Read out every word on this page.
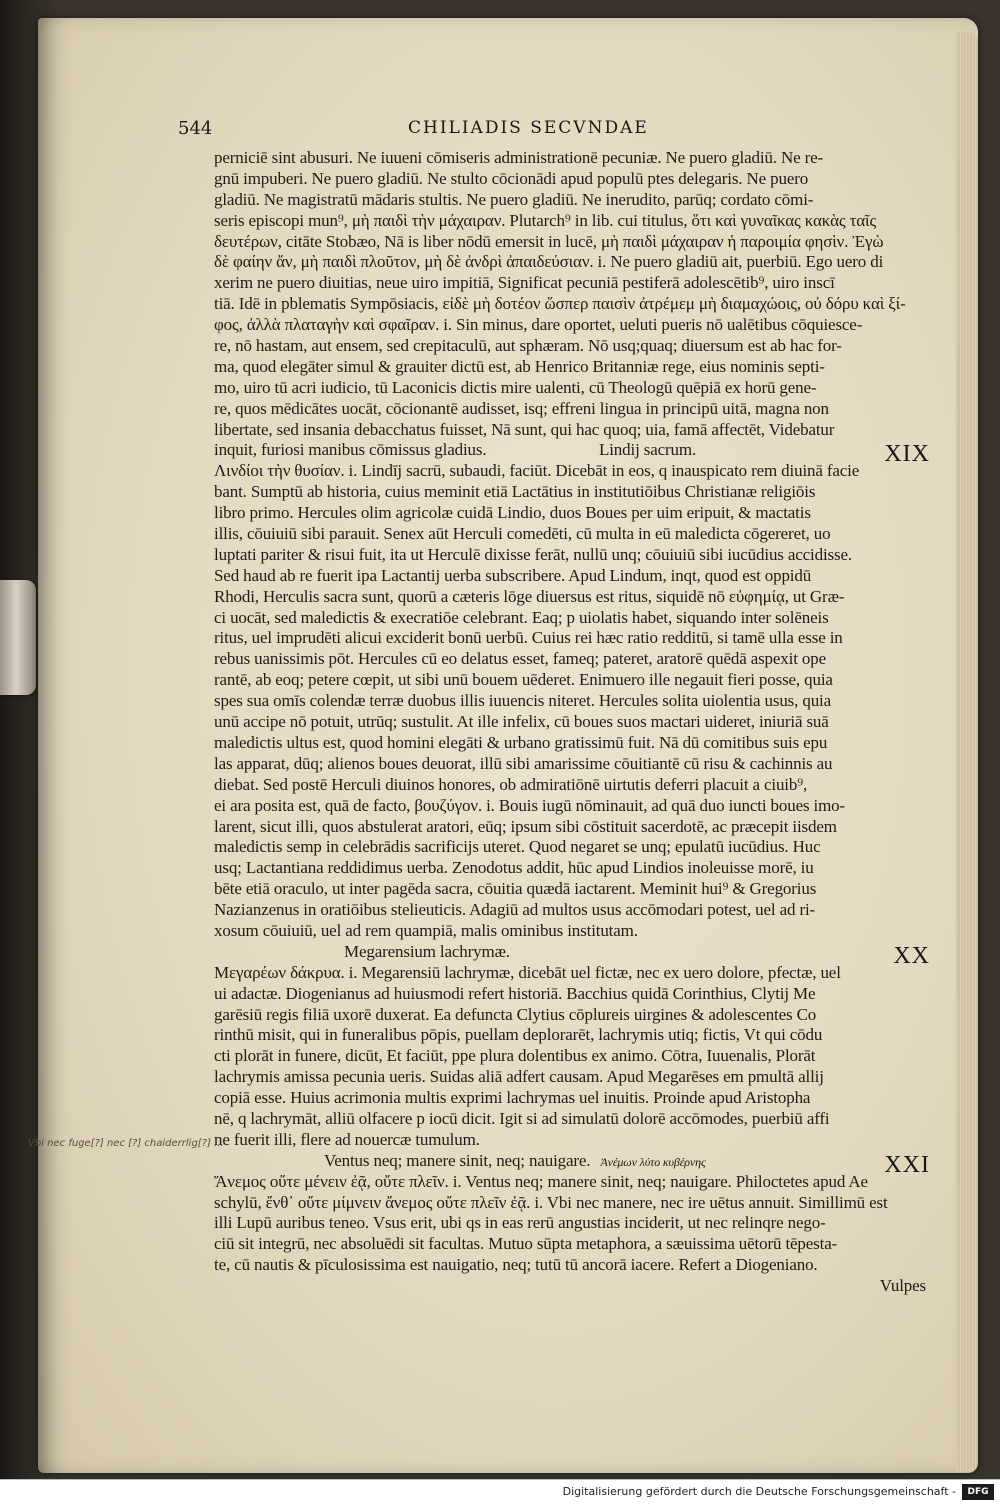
544	CHILIADIS SECVNDAE
perniciē sint abusuri. Ne iuueni cōmiseris administrationē pecuniæ. Ne puero gladiū. Ne re-
gnū impuberi. Ne puero gladiū. Ne stulto cōcionādi apud populū ptes delegaris. Ne puero
gladiū. Ne magistratū mādaris stultis. Ne puero gladiū. Ne inerudito, parūq; cordato cōmi-
seris episcopi mun⁹, μὴ παιδὶ τὴν μάχαιραν. Plutarch⁹ in lib. cui titulus, ὅτι καὶ γυναῖκας κακὰς ταῖς
δευτέρων, citāte Stobæo, Nā is liber nōdū emersit in lucē, μὴ παιδὶ μάχαιραν ἡ παροιμία φησὶν. Ἐγὼ
δὲ φαίην ἄν, μὴ παιδὶ πλοῦτον, μὴ δὲ ἀνδρὶ ἀπαιδεύσιαν. i. Ne puero gladiū ait, puerbiū. Ego uero di
xerim ne puero diuitias, neue uiro impitiā, Significat pecuniā pestiferā adolescētib⁹, uiro inscī
tiā. Idē in pblematis Sympōsiacis, εἰδὲ μὴ δοτέον ὥσπερ παισὶν ἀτρέμεμ μὴ διαμαχώοις, οὐ δόρυ καὶ ξί-
φος, ἀλλὰ πλαταγὴν καὶ σφαῖραν. i. Sin minus, dare oportet, ueluti pueris nō ualētibus cōquiesce-
re, nō hastam, aut ensem, sed crepitaculū, aut sphæram. Nō usq;quaq; diuersum est ab hac for-
ma, quod elegāter simul & grauiter dictū est, ab Henrico Britanniæ rege, eius nominis septi-
mo, uiro tū acri iudicio, tū Laconicis dictis mire ualenti, cū Theologū quēpiā ex horū gene-
re, quos mēdicātes uocāt, cōcionantē audisset, isq; effreni lingua in principū uitā, magna non
libertate, sed insania debacchatus fuisset, Nā sunt, qui hac quoq; uia, famā affectēt, Videbatur
inquit, furiosi manibus cōmissus gladius.	Lindij sacrum.	XIX
Λινδίοι τὴν θυσίαν. i. Lindīj sacrū, subaudi, faciūt. Dicebāt in eos, q inauspicato rem diuinā facie
bant. Sumptū ab historia, cuius meminit etiā Lactātius in institutiōibus Christianæ religiōis
libro primo. Hercules olim agricolæ cuidā Lindio, duos Boues per uim eripuit, & mactatis
illis, cōuiuiū sibi parauit. Senex aūt Herculi comedēti, cū multa in eū maledicta cōgereret, uo
luptati pariter & risui fuit, ita ut Herculē dixisse ferāt, nullū unq; cōuiuiū sibi iucūdius accidisse.
Sed haud ab re fuerit ipa Lactantij uerba subscribere. Apud Lindum, inqt, quod est oppidū
Rhodi, Herculis sacra sunt, quorū a cæteris lōge diuersus est ritus, siquidē nō εὐφημίᾳ, ut Græ-
ci uocāt, sed maledictis & execratiōe celebrant. Eaq; p uiolatis habet, siquando inter solēneis
ritus, uel imprudēti alicui exciderit bonū uerbū. Cuius rei hæc ratio redditū, si tamē ulla esse in
rebus uanissimis pōt. Hercules cū eo delatus esset, fameq; pateret, aratorē quēdā aspexit ope
rantē, ab eoq; petere cœpit, ut sibi unū bouem uēderet. Enimuero ille negauit fieri posse, quia
spes sua omīs colendæ terræ duobus illis iuuencis niteret. Hercules solita uiolentia usus, quia
unū accipe nō potuit, utrūq; sustulit. At ille infelix, cū boues suos mactari uideret, iniuriā suā
maledictis ultus est, quod homini elegāti & urbano gratissimū fuit. Nā dū comitibus suis epu
las apparat, dūq; alienos boues deuorat, illū sibi amarissime cōuitiantē cū risu & cachinnis au
diebat. Sed postē Herculi diuinos honores, ob admiratiōnē uirtutis deferri placuit a ciuib⁹,
ei ara posita est, quā de facto, βουζύγον. i. Bouis iugū nōminauit, ad quā duo iuncti boues imo-
larent, sicut illi, quos abstulerat aratori, eūq; ipsum sibi cōstituit sacerdotē, ac præcepit iisdem
maledictis semp in celebrādis sacrificijs uteret. Quod negaret se unq; epulatū iucūdius. Huc
usq; Lactantiana reddidimus uerba. Zenodotus addit, hūc apud Lindios inoleuisse morē, iu
bēte etiā oraculo, ut inter pagēda sacra, cōuitia quædā iactarent. Meminit hui⁹ & Gregorius
Nazianzenus in oratiōibus stelieuticis. Adagiū ad multos usus accōmodari potest, uel ad ri-
xosum cōuiuiū, uel ad rem quampiā, malis ominibus institutam.
Megarensium lachrymæ.	XX
Μεγαρέων δάκρυα. i. Megarensiū lachrymæ, dicebāt uel fictæ, nec ex uero dolore, pfectæ, uel
ui adactæ. Diogenianus ad huiusmodi refert historiā. Bacchius quidā Corinthius, Clytij Me
garēsiū regis filiā uxorē duxerat. Ea defuncta Clytius cōplureis uirgines & adolescentes Co
rinthū misit, qui in funeralibus pōpis, puellam deplorarēt, lachrymis utiq; fictis, Vt qui cōdu
cti plorāt in funere, dicūt, Et faciūt, ppe plura dolentibus ex animo. Cōtra, Iuuenalis, Plorāt
lachrymis amissa pecunia ueris. Suidas aliā adfert causam. Apud Megarēses em pmultā allij
copiā esse. Huius acrimonia multis exprimi lachrymas uel inuitis. Proinde apud Aristopha
nē, q lachrymāt, alliū olfacere p iocū dicit. Igit si ad simulatū dolorē accōmodes, puerbiū affi
ne fuerit illi, flere ad nouercæ tumulum.
Ventus neq; manere sinit, neq; nauigare. Ἀνέμων λύτο κυβέρνης	XXI
Ἄνεμος οὔτε μένειν ἐᾷ, οὔτε πλεῖν. i. Ventus neq; manere sinit, neq; nauigare. Philoctetes apud Ae
schylū, ἔνθ᾽ οὔτε μίμνειν ἄνεμος οὔτε πλεῖν ἐᾷ. i. Vbi nec manere, nec ire uētus annuit. Simillimū est
illi Lupū auribus teneo. Vsus erit, ubi qs in eas rerū angustias inciderit, ut nec relinqre nego-
ciū sit integrū, nec absoluēdi sit facultas. Mutuo sūpta metaphora, a sæuissima uētorū tēpesta-
te, cū nautis & pīculosissima est nauigatio, neq; tutū tū ancorā iacere. Refert a Diogeniano.
Vulpes
Vbi nec fuge[?] nec [?] chaiderrlig[?] ...
Digitalisierung gefördert durch die Deutsche Forschungsgemeinschaft -	DFG
